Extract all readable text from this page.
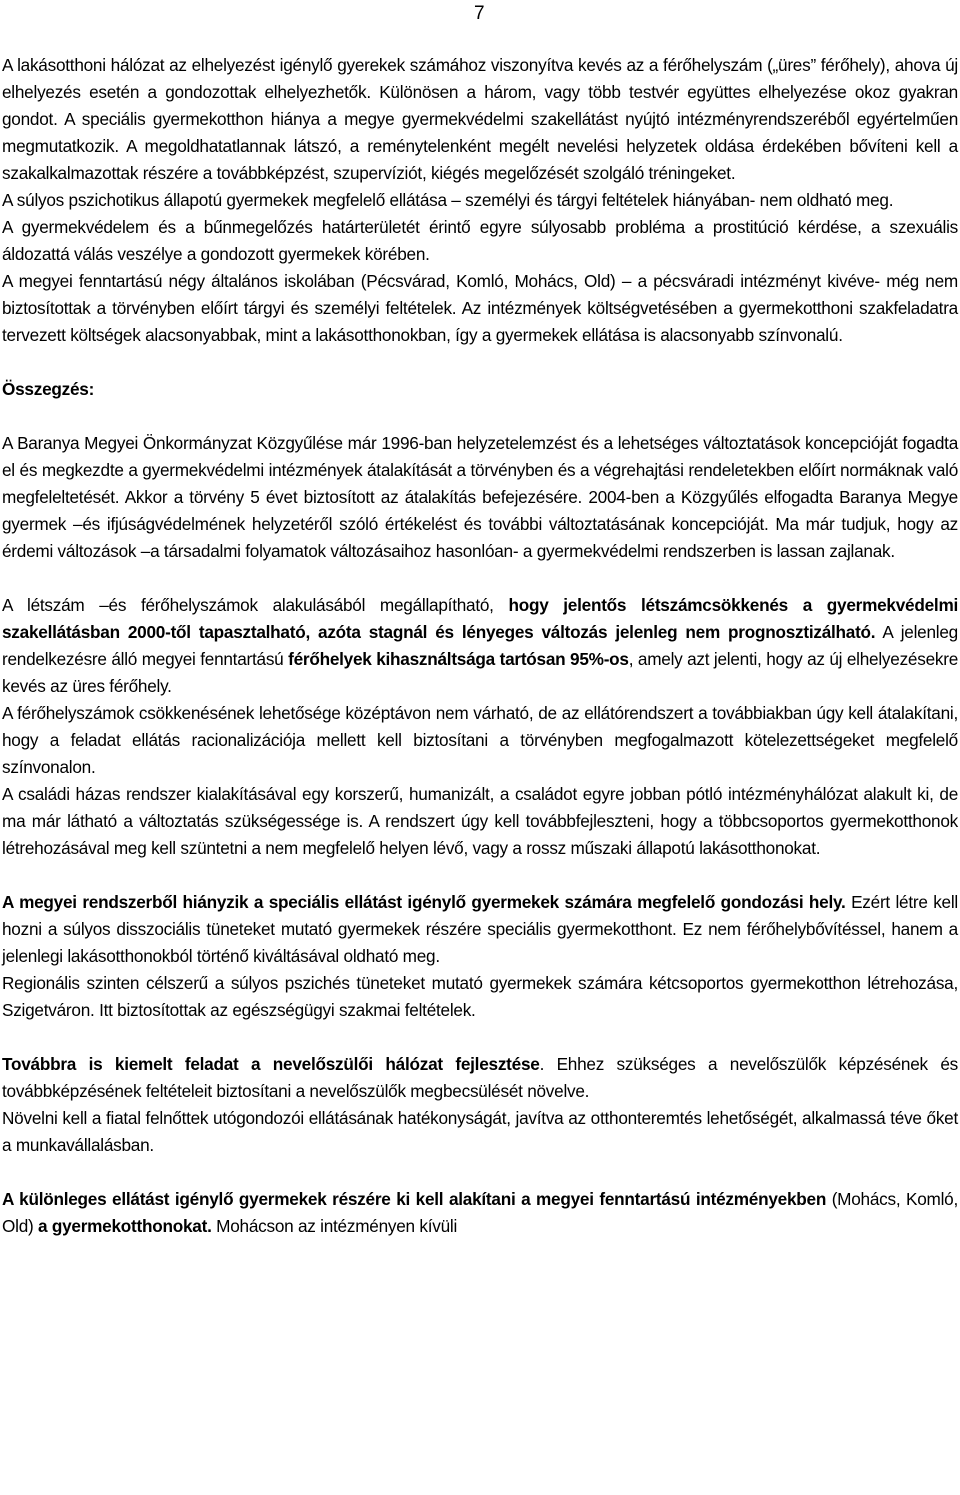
7

A lakásotthoni hálózat az elhelyezést igénylő gyerekek számához viszonyítva kevés az a férőhelyszám („üres” férőhely), ahova új elhelyezés esetén a gondozottak elhelyezhetők. Különösen a három, vagy több testvér együttes elhelyezése okoz gyakran gondot. A speciális gyermekotthon hiánya a megye gyermekvédelmi szakellátást nyújtó intézményrendszeréből egyértelműen megmutatkozik. A megoldhatatlannak látszó, a reménytelenként megélt nevelési helyzetek oldása érdekében bővíteni kell a szakalkalmazottak részére a továbbképzést, szupervíziót, kiégés megelőzését szolgáló tréningeket.

A súlyos pszichotikus állapotú gyermekek megfelelő ellátása – személyi és tárgyi feltételek hiányában- nem oldható meg.

A gyermekvédelem és a bűnmegelőzés határterületét érintő egyre súlyosabb probléma a prostitúció kérdése, a szexuális áldozattá válás veszélye a gondozott gyermekek körében.

A megyei fenntartású négy általános iskolában (Pécsvárad, Komló, Mohács, Old) – a pécsváradi intézményt kivéve- még nem biztosítottak a törvényben előírt tárgyi és személyi feltételek. Az intézmények költségvetésében a gyermekotthoni szakfeladatra tervezett költségek alacsonyabbak, mint a lakásotthonokban, így a gyermekek ellátása is alacsonyabb színvonalú.

Összegzés:

A Baranya Megyei Önkormányzat Közgyűlése már 1996-ban helyzetelemzést és a lehetséges változtatások koncepcióját fogadta el és megkezdte a gyermekvédelmi intézmények átalakítását a törvényben és a végrehajtási rendeletekben előírt normáknak való megfeleltetését. Akkor a törvény 5 évet biztosított az átalakítás befejezésére. 2004-ben a Közgyűlés elfogadta Baranya Megye gyermek –és ifjúságvédelmének helyzetéről szóló értékelést és további változtatásának koncepcióját. Ma már tudjuk, hogy az érdemi változások –a társadalmi folyamatok változásaihoz hasonlóan- a gyermekvédelmi rendszerben is lassan zajlanak.

A létszám –és férőhelyszámok alakulásából megállapítható, hogy jelentős létszámcsökkenés a gyermekvédelmi szakellátásban 2000-től tapasztalható, azóta stagnál és lényeges változás jelenleg nem prognosztizálható. A jelenleg rendelkezésre álló megyei fenntartású férőhelyek kihasználtsága tartósan 95%-os, amely azt jelenti, hogy az új elhelyezésekre kevés az üres férőhely.

A férőhelyszámok csökkenésének lehetősége középtávon nem várható, de az ellátórendszert a továbbiakban úgy kell átalakítani, hogy a feladat ellátás racionalizációja mellett kell biztosítani a törvényben megfogalmazott kötelezettségeket megfelelő színvonalon.

A családi házas rendszer kialakításával egy korszerű, humanizált, a családot egyre jobban pótló intézményhálózat alakult ki, de ma már látható a változtatás szükségessége is. A rendszert úgy kell továbbfejleszteni, hogy a többcsoportos gyermekotthonok létrehozásával meg kell szüntetni a nem megfelelő helyen lévő, vagy a rossz műszaki állapotú lakásotthonokat.

A megyei rendszerből hiányzik a speciális ellátást igénylő gyermekek számára megfelelő gondozási hely. Ezért létre kell hozni a súlyos disszociális tüneteket mutató gyermekek részére speciális gyermekotthont. Ez nem férőhelybővítéssel, hanem a jelenlegi lakásotthonokból történő kiváltásával oldható meg.

Regionális szinten célszerű a súlyos pszichés tüneteket mutató gyermekek számára kétcsoportos gyermekotthon létrehozása, Szigetváron. Itt biztosítottak az egészségügyi szakmai feltételek.

Továbbra is kiemelt feladat a nevelőszülői hálózat fejlesztése. Ehhez szükséges a nevelőszülők képzésének és továbbképzésének feltételeit biztosítani a nevelőszülők megbecsülését növelve.

Növelni kell a fiatal felnőttek utógondozói ellátásának hatékonyságát, javítva az otthonteremtés lehetőségét, alkalmassá téve őket a munkavállalásban.

A különleges ellátást igénylő gyermekek részére ki kell alakítani a megyei fenntartású intézményekben (Mohács, Komló, Old) a gyermekotthonokat. Mohácson az intézményen kívüli
